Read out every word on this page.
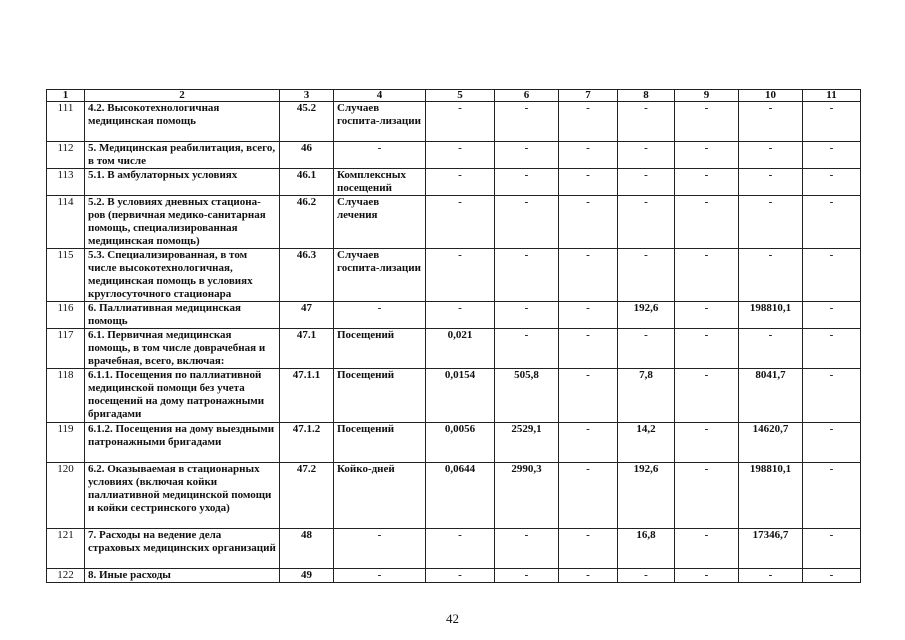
1	2	3	4	5	6	7	8	9	10	11
111	4.2. Высокотехнологичная медицинская помощь	45.2	Случаев госпита-лизации	-	-	-	-	-	-	-
112	5. Медицинская реабилитация, всего, в том числе	46	-	-	-	-	-	-	-	-
113	5.1. В амбулаторных условиях	46.1	Комплексных посещений	-	-	-	-	-	-	-
114	5.2. В условиях дневных стациона-ров (первичная медико-санитарная помощь, специализированная медицинская помощь)	46.2	Случаев лечения	-	-	-	-	-	-	-
115	5.3. Специализированная, в том числе высокотехнологичная, медицинская помощь в условиях круглосуточного стационара	46.3	Случаев госпита-лизации	-	-	-	-	-	-	-
116	6. Паллиативная медицинская помощь	47	-	-	-	-	192,6	-	198810,1	-
117	6.1. Первичная медицинская помощь, в том числе доврачебная и врачебная, всего, включая:	47.1	Посещений	0,021	-	-	-	-	-	-
118	6.1.1. Посещения по паллиативной медицинской помощи без учета посещений на дому патронажными бригадами	47.1.1	Посещений	0,0154	505,8	-	7,8	-	8041,7	-
119	6.1.2. Посещения на дому выездными патронажными бригадами	47.1.2	Посещений	0,0056	2529,1	-	14,2	-	14620,7	-
120	6.2. Оказываемая в стационарных условиях (включая койки паллиативной медицинской помощи и койки сестринского ухода)	47.2	Койко-дней	0,0644	2990,3	-	192,6	-	198810,1	-
121	7. Расходы на ведение дела страховых медицинских организаций	48	-	-	-	-	16,8	-	17346,7	-
122	8. Иные расходы	49	-	-	-	-	-	-	-	-
42
